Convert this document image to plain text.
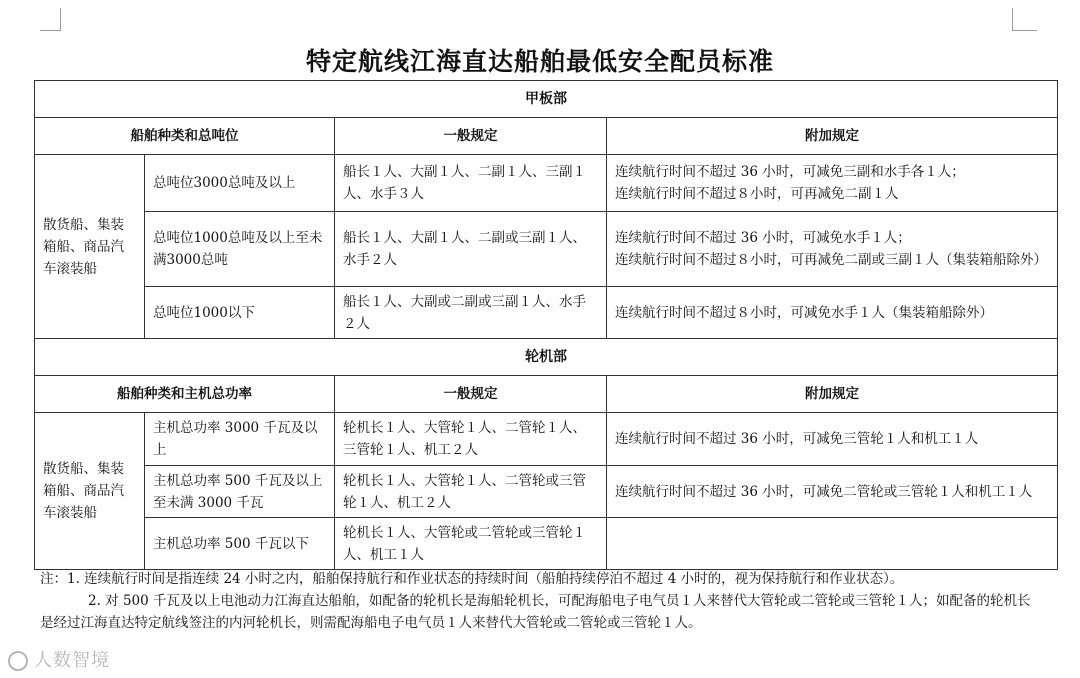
特定航线江海直达船舶最低安全配员标准
甲板部			
船舶种类和总吨位		一般规定	附加规定
散货船、集装箱船、商品汽车滚装船	总吨位3000总吨及以上	船长１人、大副１人、二副１人、三副１人、水手３人	连续航行时间不超过 36 小时，可减免三副和水手各１人；
连续航行时间不超过８小时，可再减免二副１人
	总吨位1000总吨及以上至未满3000总吨	船长１人、大副１人、二副或三副１人、水手２人	连续航行时间不超过 36 小时，可减免水手１人；
连续航行时间不超过８小时，可再减免二副或三副１人（集装箱船除外）
	总吨位1000以下	船长１人、大副或二副或三副１人、水手２人	连续航行时间不超过８小时，可减免水手１人（集装箱船除外）
轮机部			
船舶种类和主机总功率		一般规定	附加规定
散货船、集装箱船、商品汽车滚装船	主机总功率 3000 千瓦及以上	轮机长１人、大管轮１人、二管轮１人、三管轮１人、机工２人	连续航行时间不超过 36 小时，可减免三管轮１人和机工１人
	主机总功率 500 千瓦及以上至未满 3000 千瓦	轮机长１人、大管轮１人、二管轮或三管轮１人、机工２人	连续航行时间不超过 36 小时，可减免二管轮或三管轮１人和机工１人
	主机总功率 500 千瓦以下	轮机长１人、大管轮或二管轮或三管轮１人、机工１人	

注：1. 连续航行时间是指连续 24 小时之内，船舶保持航行和作业状态的持续时间（船舶持续停泊不超过 4 小时的，视为保持航行和作业状态）。

2. 对 500 千瓦及以上电池动力江海直达船舶，如配备的轮机长是海船轮机长，可配海船电子电气员１人来替代大管轮或二管轮或三管轮１人；如配备的轮机长是经过江海直达特定航线签注的内河轮机长，则需配海船电子电气员１人来替代大管轮或二管轮或三管轮１人。

人数智境
